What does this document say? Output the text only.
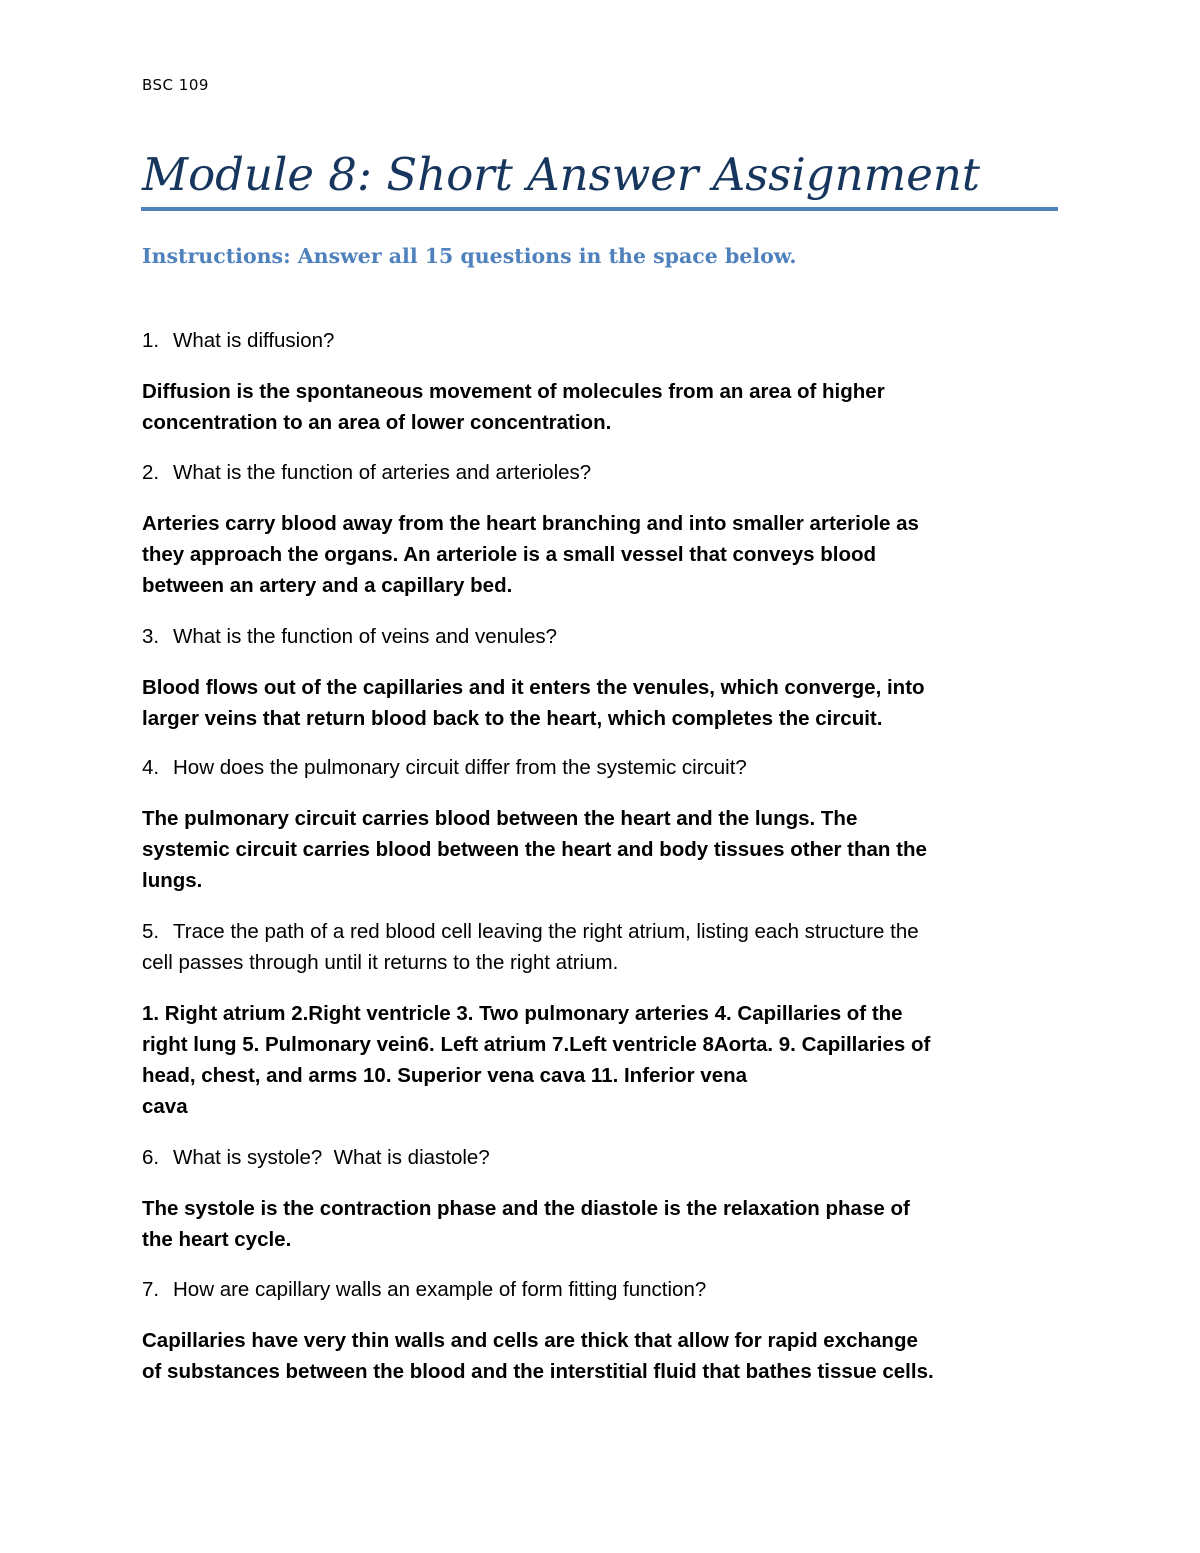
BSC 109
Module 8: Short Answer Assignment
Instructions: Answer all 15 questions in the space below.
1. What is diffusion?
Diffusion is the spontaneous movement of molecules from an area of higher
concentration to an area of lower concentration.
2. What is the function of arteries and arterioles?
Arteries carry blood away from the heart branching and into smaller arteriole as
they approach the organs. An arteriole is a small vessel that conveys blood
between an artery and a capillary bed.
3. What is the function of veins and venules?
Blood flows out of the capillaries and it enters the venules, which converge, into
larger veins that return blood back to the heart, which completes the circuit.
4. How does the pulmonary circuit differ from the systemic circuit?
The pulmonary circuit carries blood between the heart and the lungs. The
systemic circuit carries blood between the heart and body tissues other than the
lungs.
5. Trace the path of a red blood cell leaving the right atrium, listing each structure the
cell passes through until it returns to the right atrium.
1. Right atrium 2.Right ventricle 3. Two pulmonary arteries 4. Capillaries of the
right lung 5. Pulmonary vein6. Left atrium 7.Left ventricle 8Aorta. 9. Capillaries of
head, chest, and arms 10. Superior vena cava 11. Inferior vena
cava
6. What is systole?  What is diastole?
The systole is the contraction phase and the diastole is the relaxation phase of
the heart cycle.
7. How are capillary walls an example of form fitting function?
Capillaries have very thin walls and cells are thick that allow for rapid exchange
of substances between the blood and the interstitial fluid that bathes tissue cells.
